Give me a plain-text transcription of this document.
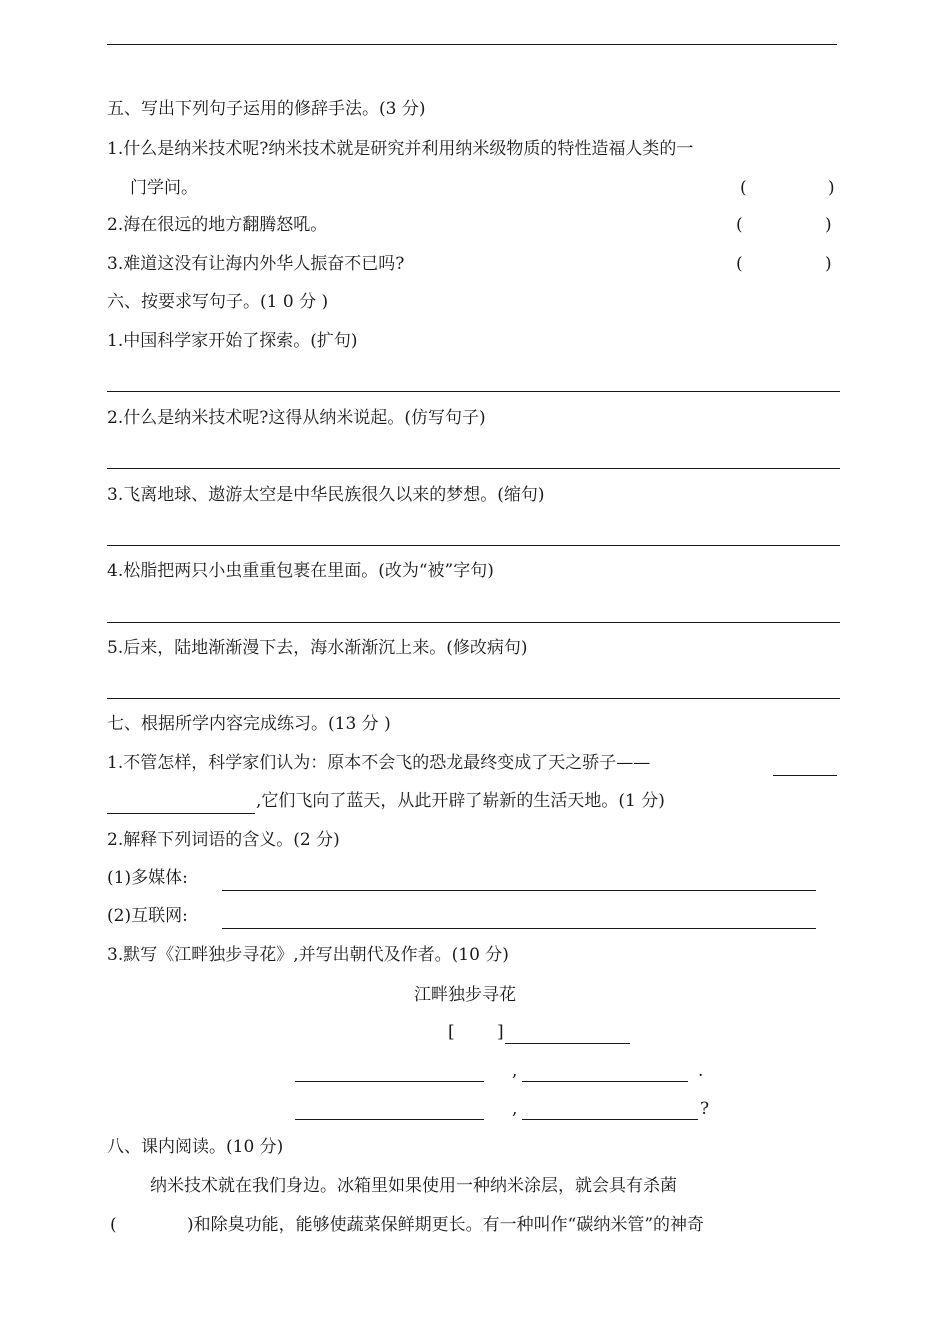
五、写出下列句子运用的修辞手法。(3 分)
1.什么是纳米技术呢?纳米技术就是研究并利用纳米级物质的特性造福人类的一
门学问。	(	)
2.海在很远的地方翻腾怒吼。	(	)
3.难道这没有让海内外华人振奋不已吗?	(	)
六、按要求写句子。(1 0 分 )
1.中国科学家开始了探索。(扩句)
2.什么是纳米技术呢?这得从纳米说起。(仿写句子)
3.飞离地球、遨游太空是中华民族很久以来的梦想。(缩句)
4.松脂把两只小虫重重包裹在里面。(改为“被”字句)
5.后来，陆地渐渐漫下去，海水渐渐沉上来。(修改病句)
七、根据所学内容完成练习。(13 分 )
1.不管怎样，科学家们认为：原本不会飞的恐龙最终变成了天之骄子——
,它们飞向了蓝天，从此开辟了崭新的生活天地。(1 分)
2.解释下列词语的含义。(2 分)
(1)多媒体:
(2)互联网:
3.默写《江畔独步寻花》,并写出朝代及作者。(10 分)
江畔独步寻花
[ ]
,	.
,	?
八、课内阅读。(10 分)
纳米技术就在我们身边。冰箱里如果使用一种纳米涂层，就会具有杀菌
(	)和除臭功能，能够使蔬菜保鲜期更长。有一种叫作“碳纳米管”的神奇
